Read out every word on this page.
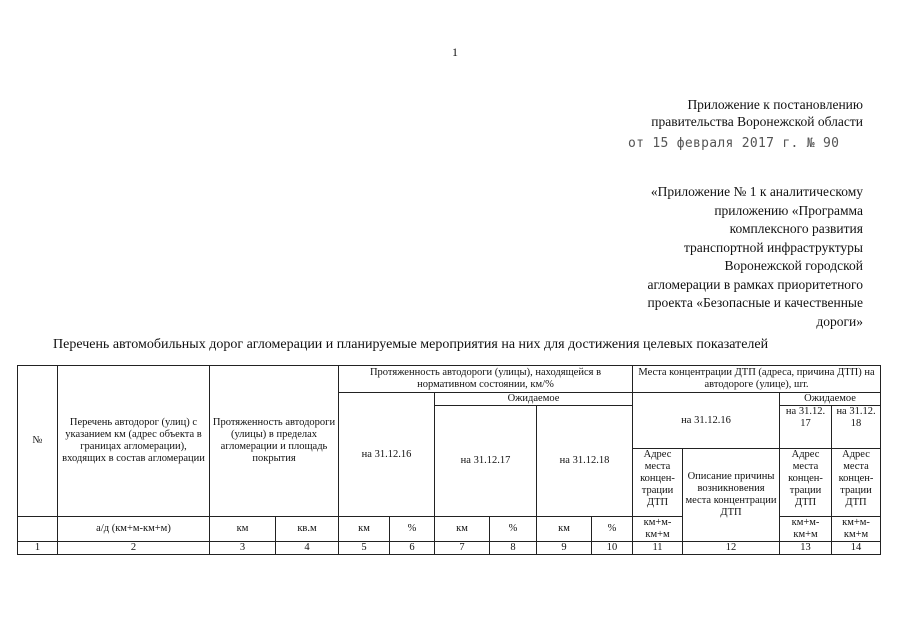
1
Приложение к постановлению
правительства Воронежской области
от 15 февраля 2017 г. № 90
«Приложение № 1 к аналитическому
приложению «Программа
комплексного развития
транспортной инфраструктуры
Воронежской городской
агломерации в рамках приоритетного
проекта «Безопасные и качественные
дороги»
Перечень автомобильных дорог агломерации и планируемые мероприятия на них для достижения целевых показателей
№	Перечень автодорог (улиц) с указанием км (адрес объекта в границах агломерации), входящих в состав агломерации	Протяженность автодороги (улицы) в пределах агломерации и площадь покрытия		Протяженность автодороги (улицы), находящейся в нормативном состоянии, км/%						Места концентрации ДТП (адреса, причина ДТП) на автодороге (улице), шт.			
				на 31.12.16		Ожидаемое				на 31.12.16		Ожидаемое	
						на 31.12.17		на 31.12.18				на 31.12. 17	на 31.12. 18
										Адрес места концен- трации ДТП	Описание причины возникновения места концентрации ДТП	Адрес места концен- трации ДТП	Адрес места концен- трации ДТП
	а/д (км+м-км+м)	км	кв.м	км	%	км	%	км	%	км+м- км+м		км+м- км+м	км+м- км+м
1	2	3	4	5	6	7	8	9	10	11	12	13	14
